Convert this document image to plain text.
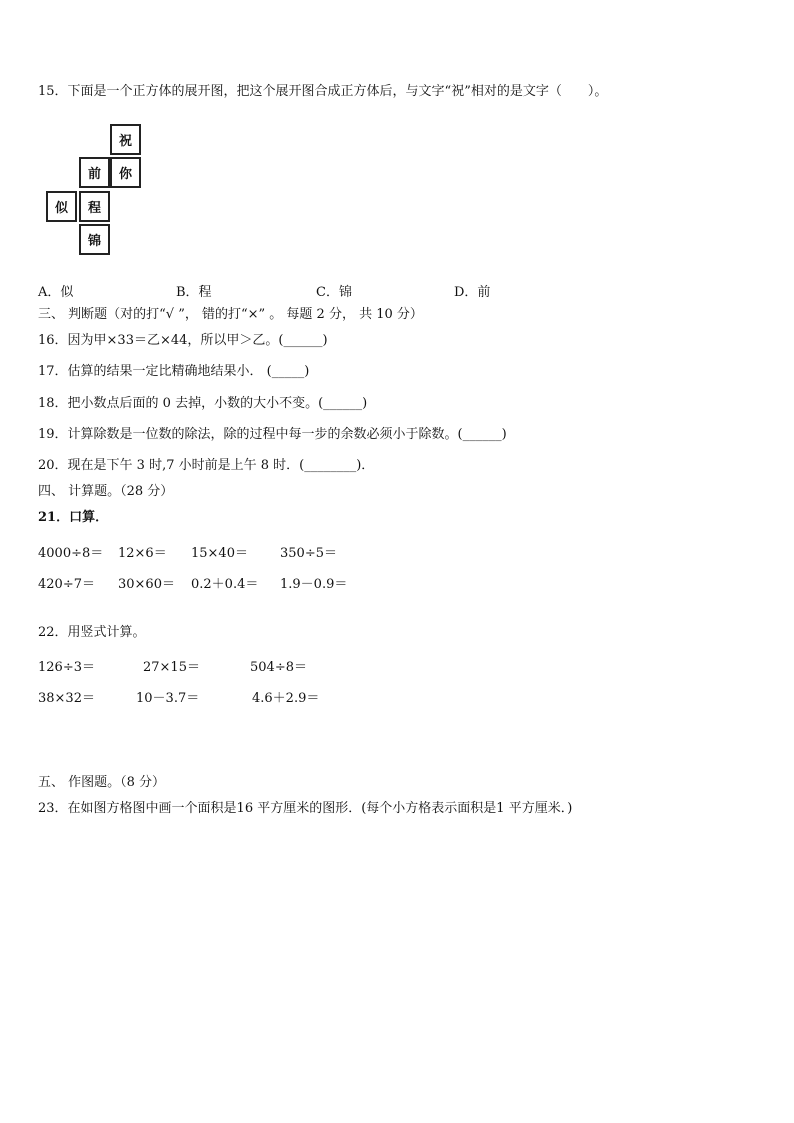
15．下面是一个正方体的展开图，把这个展开图合成正方体后，与文字“祝”相对的是文字（　　）。
祝
前	你
似	程
锦
A．似	B．程	C．锦	D．前
三、 判断题（对的打“√ ”， 错的打“×” 。 每题 2 分， 共 10 分）
16．因为甲×33＝乙×44，所以甲＞乙。(______)
17．估算的结果一定比精确地结果小． (_____)
18．把小数点后面的 0 去掉，小数的大小不变。(______)
19．计算除数是一位数的除法，除的过程中每一步的余数必须小于除数。(______)
20．现在是下午 3 时,7 小时前是上午 8 时．(________)．
四、 计算题。（28 分）
21．口算．
4000÷8＝ 12×6＝ 15×40＝ 350÷5＝
420÷7＝ 30×60＝ 0.2＋0.4＝ 1.9－0.9＝
22．用竖式计算。
126÷3＝	27×15＝	504÷8＝
38×32＝	10－3.7＝	4.6＋2.9＝
五、 作图题。（8 分）
23．在如图方格图中画一个面积是16 平方厘米的图形．(每个小方格表示面积是1 平方厘米．)
